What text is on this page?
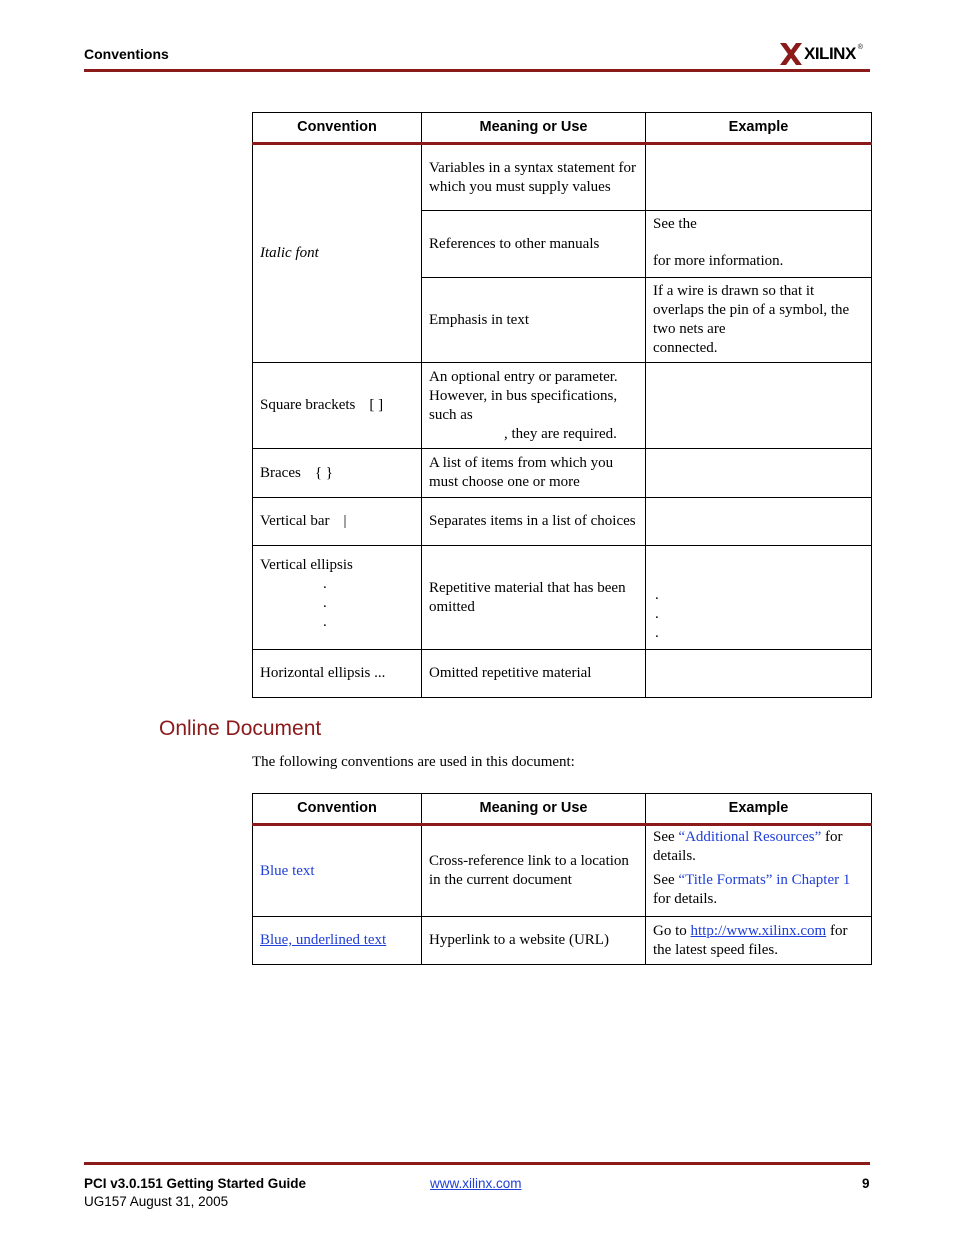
Conventions	XILINX ®
Convention	Meaning or Use	Example
Italic font	Variables in a syntax statement for which you must supply values	
	References to other manuals	See the
for more information.

	Emphasis in text	If a wire is drawn so that it overlaps the pin of a symbol, the two nets are
connected.

Square brackets [ ]	An optional entry or parameter. However, in bus specifications, such as
, they are required.	

Braces { }	A list of items from which you must choose one or more	
Vertical bar |	Separates items in a list of choices	

Vertical ellipsis
.
.
.	Repetitive material that has been omitted	.
.
.

Horizontal ellipsis ...	Omitted repetitive material	
Online Document
The following conventions are used in this document:
Convention	Meaning or Use	Example
Blue text	Cross-reference link to a location in the current document	See “Additional Resources” for details.

See “Title Formats” in Chapter 1 for details.

Blue, underlined text	Hyperlink to a website (URL)	Go to http://www.xilinx.com for the latest speed files.
PCI v3.0.151 Getting Started Guide
UG157 August 31, 2005
www.xilinx.com	9
